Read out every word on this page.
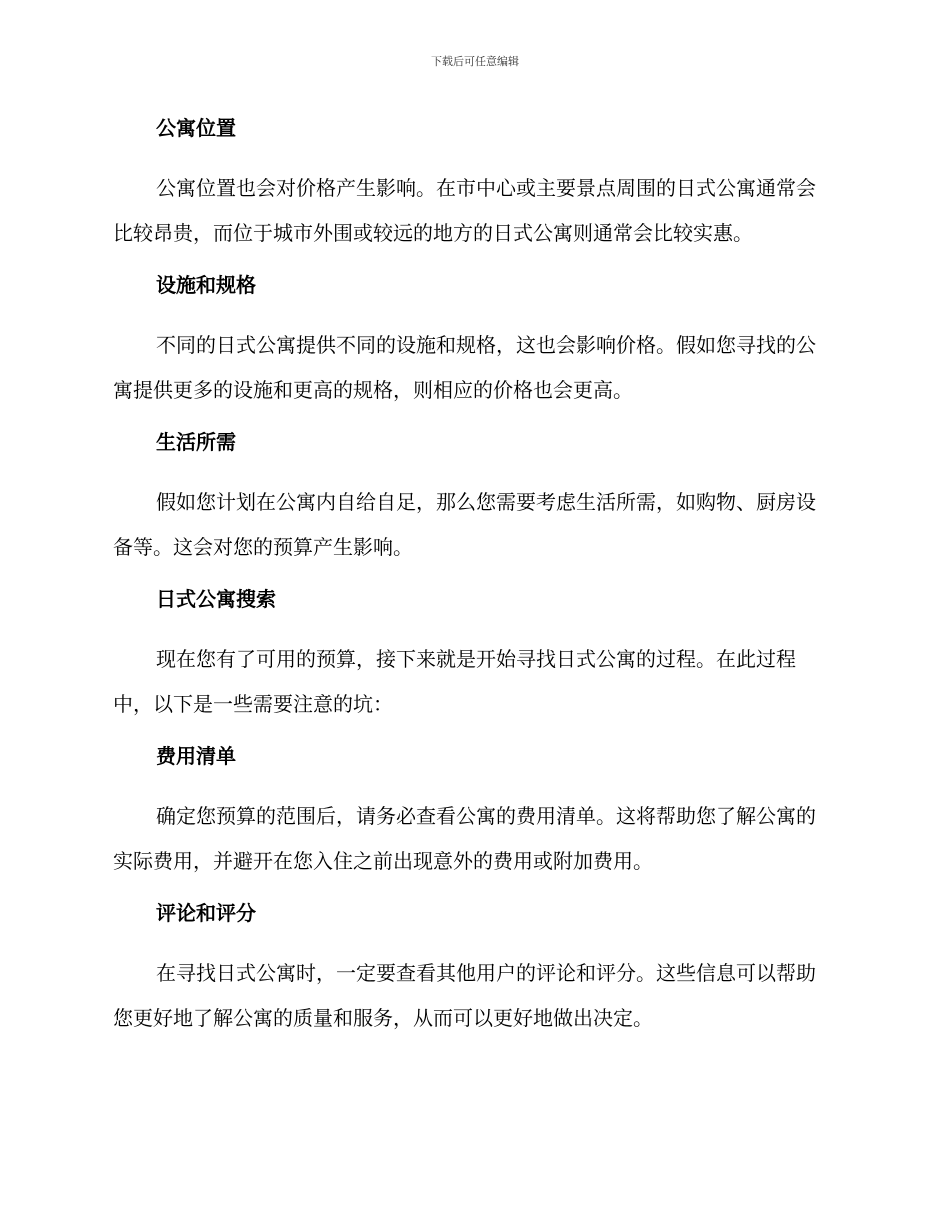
下载后可任意编辑
公寓位置
公寓位置也会对价格产生影响。在市中心或主要景点周围的日式公寓通常会比较昂贵，而位于城市外围或较远的地方的日式公寓则通常会比较实惠。
设施和规格
不同的日式公寓提供不同的设施和规格，这也会影响价格。假如您寻找的公寓提供更多的设施和更高的规格，则相应的价格也会更高。
生活所需
假如您计划在公寓内自给自足，那么您需要考虑生活所需，如购物、厨房设备等。这会对您的预算产生影响。
日式公寓搜索
现在您有了可用的预算，接下来就是开始寻找日式公寓的过程。在此过程中，以下是一些需要注意的坑：
费用清单
确定您预算的范围后，请务必查看公寓的费用清单。这将帮助您了解公寓的实际费用，并避开在您入住之前出现意外的费用或附加费用。
评论和评分
在寻找日式公寓时，一定要查看其他用户的评论和评分。这些信息可以帮助您更好地了解公寓的质量和服务，从而可以更好地做出决定。
